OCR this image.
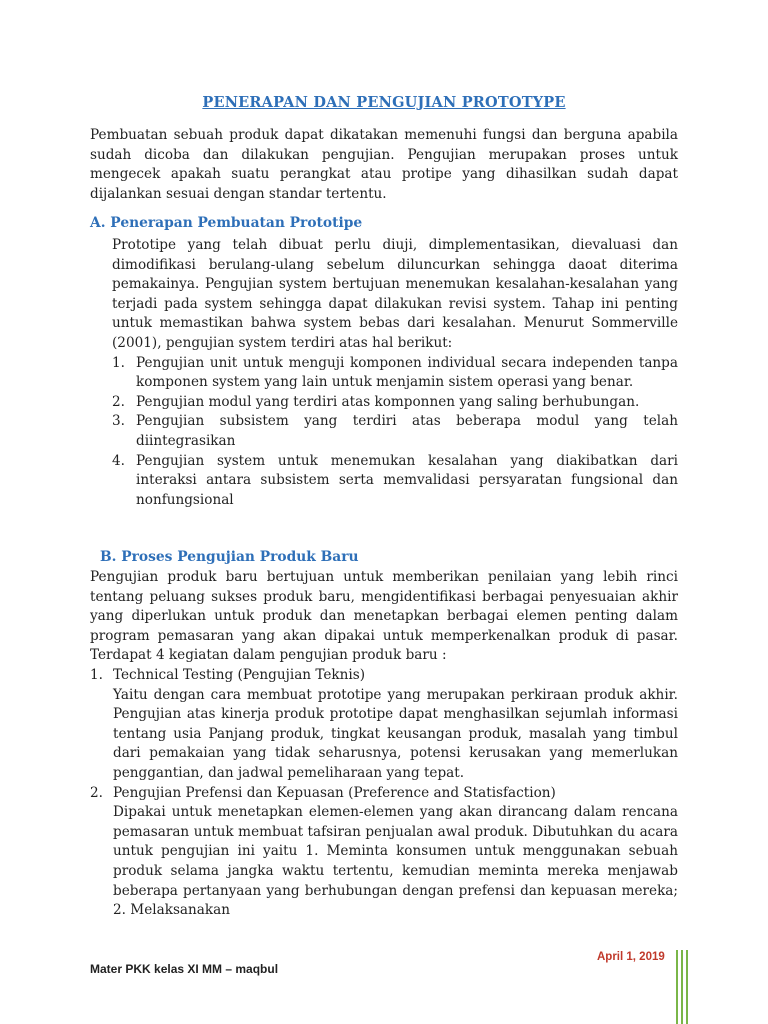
PENERAPAN DAN PENGUJIAN PROTOTYPE
Pembuatan sebuah produk dapat dikatakan memenuhi fungsi dan berguna apabila sudah dicoba dan dilakukan pengujian. Pengujian merupakan proses untuk mengecek apakah suatu perangkat atau protipe yang dihasilkan sudah dapat dijalankan sesuai dengan standar tertentu.
A. Penerapan Pembuatan Prototipe

Prototipe yang telah dibuat perlu diuji, dimplementasikan, dievaluasi dan dimodifikasi berulang-ulang sebelum diluncurkan sehingga daoat diterima pemakainya. Pengujian system bertujuan menemukan kesalahan-kesalahan yang terjadi pada system sehingga dapat dilakukan revisi system. Tahap ini penting untuk memastikan bahwa system bebas dari kesalahan. Menurut Sommerville (2001), pengujian system terdiri atas hal berikut:

1. Pengujian unit untuk menguji komponen individual secara independen tanpa komponen system yang lain untuk menjamin sistem operasi yang benar.
2. Pengujian modul yang terdiri atas komponnen yang saling berhubungan.
3. Pengujian subsistem yang terdiri atas beberapa modul yang telah diintegrasikan
4. Pengujian system untuk menemukan kesalahan yang diakibatkan dari interaksi antara subsistem serta memvalidasi persyaratan fungsional dan nonfungsional
B. Proses Pengujian Produk Baru

Pengujian produk baru bertujuan untuk memberikan penilaian yang lebih rinci tentang peluang sukses produk baru, mengidentifikasi berbagai penyesuaian akhir yang diperlukan untuk produk dan menetapkan berbagai elemen penting dalam program pemasaran yang akan dipakai untuk memperkenalkan produk di pasar. Terdapat 4 kegiatan dalam pengujian produk baru :

1. Technical Testing (Pengujian Teknis)

Yaitu dengan cara membuat prototipe yang merupakan perkiraan produk akhir. Pengujian atas kinerja produk prototipe dapat menghasilkan sejumlah informasi tentang usia Panjang produk, tingkat keusangan produk, masalah yang timbul dari pemakaian yang tidak seharusnya, potensi kerusakan yang memerlukan penggantian, dan jadwal pemeliharaan yang tepat.

2. Pengujian Prefensi dan Kepuasan (Preference and Statisfaction)

Dipakai untuk menetapkan elemen-elemen yang akan dirancang dalam rencana pemasaran untuk membuat tafsiran penjualan awal produk. Dibutuhkan du acara untuk pengujian ini yaitu 1. Meminta konsumen untuk menggunakan sebuah produk selama jangka waktu tertentu, kemudian meminta mereka menjawab beberapa pertanyaan yang berhubungan dengan prefensi dan kepuasan mereka; 2. Melaksanakan

Mater PKK kelas XI MM – maqbul
April 1, 2019
